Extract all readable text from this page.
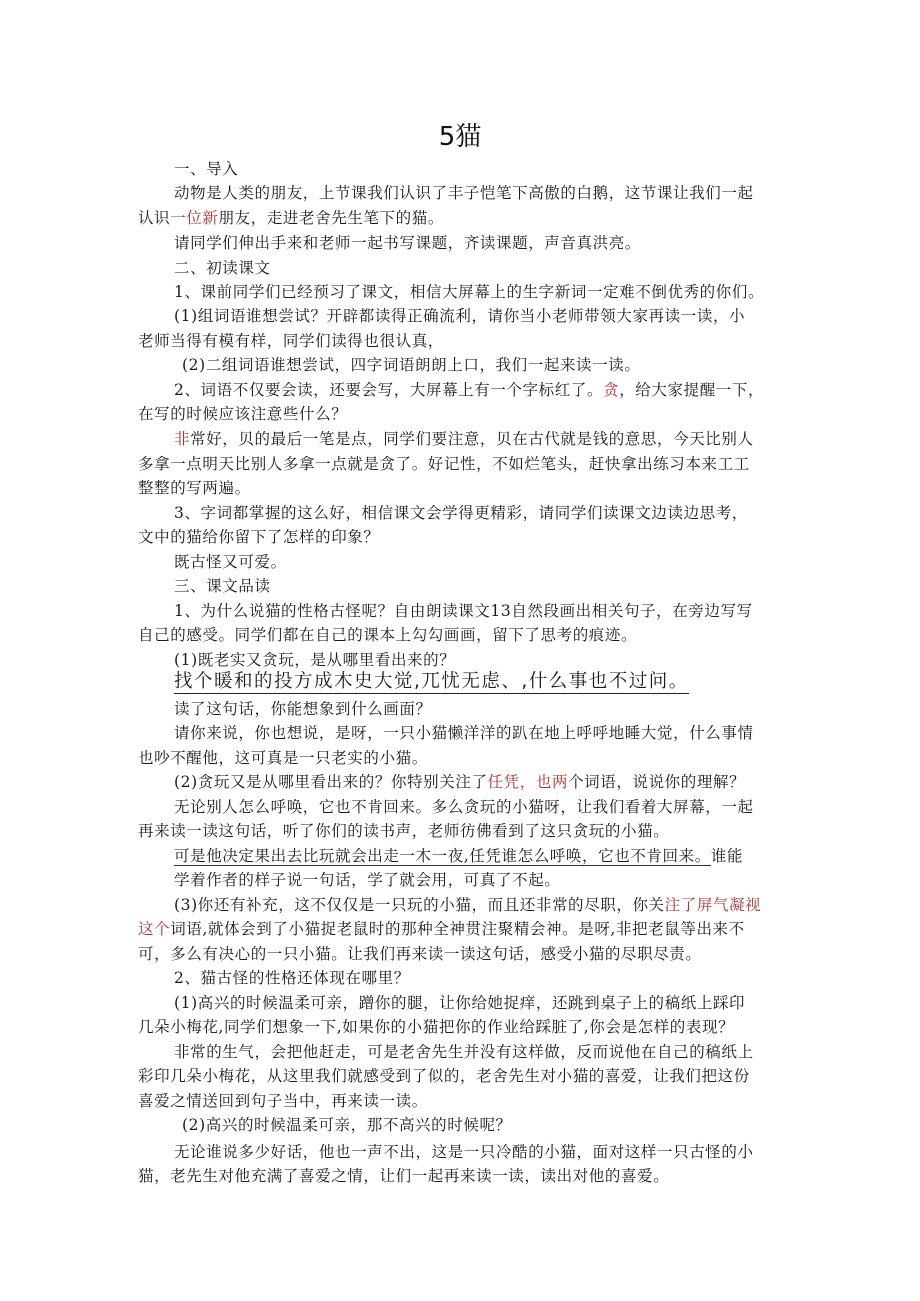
5猫
一、导入
动物是人类的朋友，上节课我们认识了丰子恺笔下高傲的白鹅，这节课让我们一起
认识一位新朋友，走进老舍先生笔下的猫。
请同学们伸出手来和老师一起书写课题，齐读课题，声音真洪亮。
二、初读课文
1、课前同学们已经预习了课文，相信大屏幕上的生字新词一定难不倒优秀的你们。
(1)组词语谁想尝试？开辟都读得正确流利，请你当小老师带领大家再读一读，小
老师当得有模有样，同学们读得也很认真，
(2)二组词语谁想尝试，四字词语朗朗上口，我们一起来读一读。
2、词语不仅要会读，还要会写，大屏幕上有一个字标红了。贪，给大家提醒一下，
在写的时候应该注意些什么？
非常好，贝的最后一笔是点，同学们要注意，贝在古代就是钱的意思，今天比别人
多拿一点明天比别人多拿一点就是贪了。好记性，不如烂笔头，赶快拿出练习本来工工
整整的写两遍。
3、字词都掌握的这么好，相信课文会学得更精彩，请同学们读课文边读边思考，
文中的猫给你留下了怎样的印象？
既古怪又可爱。
三、课文品读
1、为什么说猫的性格古怪呢？自由朗读课文13自然段画出相关句子，在旁边写写
自己的感受。同学们都在自己的课本上勾勾画画，留下了思考的痕迹。
(1)既老实又贪玩，是从哪里看出来的？
找个暖和的投方成木史大觉,兀忧无虑、,什么事也不过问。
读了这句话，你能想象到什么画面？
请你来说，你也想说，是呀，一只小猫懒洋洋的趴在地上呼呼地睡大觉，什么事情
也吵不醒他，这可真是一只老实的小猫。
(2)贪玩又是从哪里看出来的？你特别关注了任凭，也两个词语，说说你的理解？
无论别人怎么呼唤，它也不肯回来。多么贪玩的小猫呀，让我们看着大屏幕，一起
再来读一读这句话，听了你们的读书声，老师彷佛看到了这只贪玩的小猫。
可是他决定果出去比玩就会出走一木一夜,任凭谁怎么呼唤，它也不肯回来。谁能
学着作者的样子说一句话，学了就会用，可真了不起。
(3)你还有补充，这不仅仅是一只玩的小猫，而且还非常的尽职，你关注了屏气凝视
这个词语,就体会到了小猫捉老鼠时的那种全神贯注聚精会神。是呀,非把老鼠等出来不
可，多么有决心的一只小猫。让我们再来读一读这句话，感受小猫的尽职尽责。
2、猫古怪的性格还体现在哪里？
(1)高兴的时候温柔可亲，蹭你的腿，让你给她捉痒，还跳到桌子上的稿纸上踩印
几朵小梅花,同学们想象一下,如果你的小猫把你的作业给踩脏了,你会是怎样的表现？
非常的生气，会把他赶走，可是老舍先生并没有这样做，反而说他在自己的稿纸上
彩印几朵小梅花，从这里我们就感受到了似的，老舍先生对小猫的喜爱，让我们把这份
喜爱之情送回到句子当中，再来读一读。
(2)高兴的时候温柔可亲，那不高兴的时候呢？
无论谁说多少好话，他也一声不出，这是一只冷酷的小猫，面对这样一只古怪的小
猫，老先生对他充满了喜爱之情，让们一起再来读一读，读出对他的喜爱。
